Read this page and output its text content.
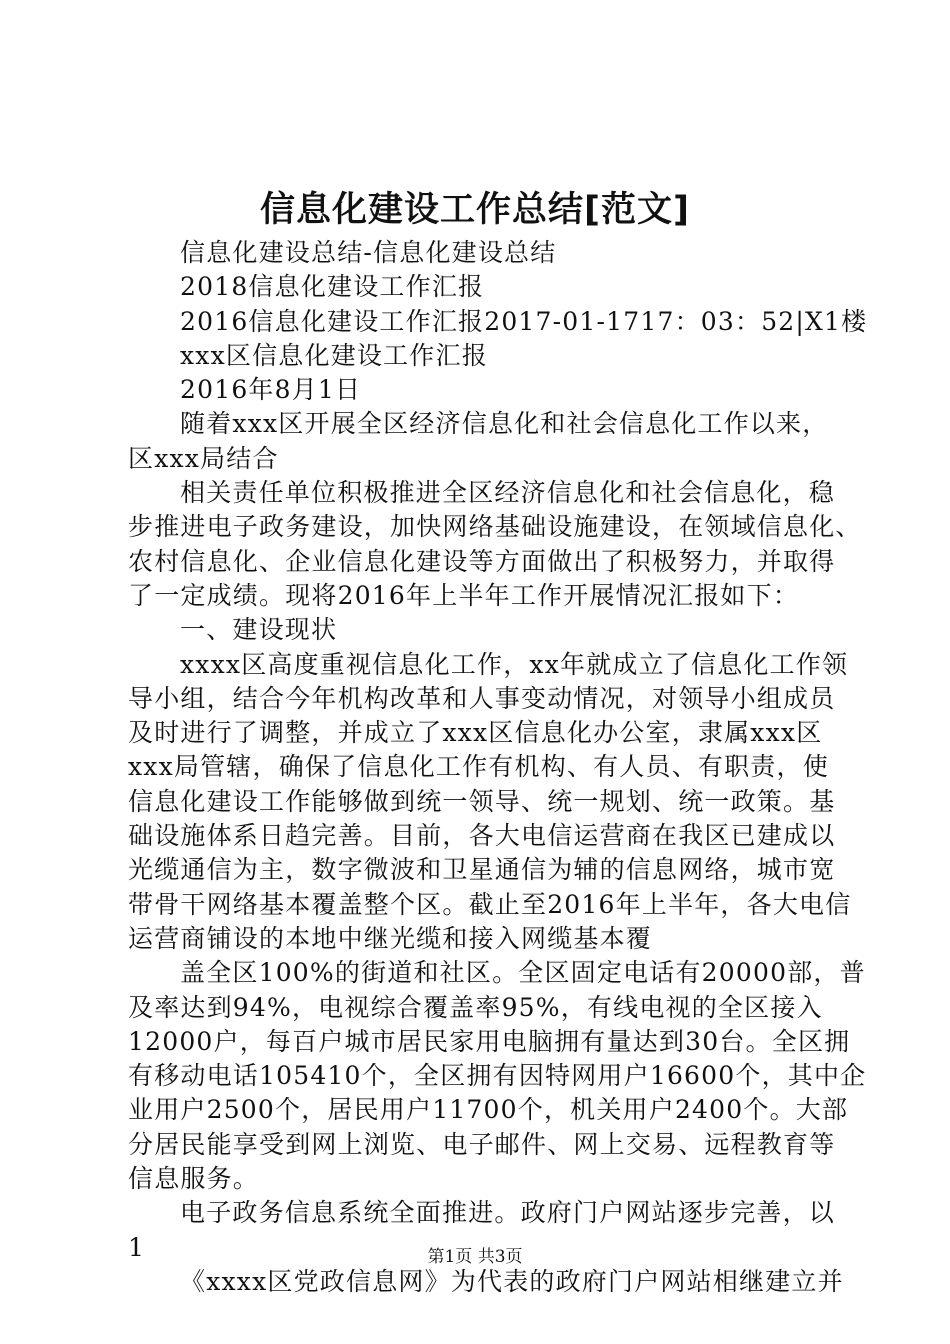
信息化建设工作总结[范文]
信息化建设总结-信息化建设总结
2018信息化建设工作汇报
2016信息化建设工作汇报2017-01-1717：03：52|X1楼
xxx区信息化建设工作汇报
2016年8月1日
随着xxx区开展全区经济信息化和社会信息化工作以来，
区xxx局结合
相关责任单位积极推进全区经济信息化和社会信息化，稳
步推进电子政务建设，加快网络基础设施建设，在领域信息化、
农村信息化、企业信息化建设等方面做出了积极努力，并取得
了一定成绩。现将2016年上半年工作开展情况汇报如下：
一、建设现状
xxxx区高度重视信息化工作，xx年就成立了信息化工作领
导小组，结合今年机构改革和人事变动情况，对领导小组成员
及时进行了调整，并成立了xxx区信息化办公室，隶属xxx区
xxx局管辖，确保了信息化工作有机构、有人员、有职责，使
信息化建设工作能够做到统一领导、统一规划、统一政策。基
础设施体系日趋完善。目前，各大电信运营商在我区已建成以
光缆通信为主，数字微波和卫星通信为辅的信息网络，城市宽
带骨干网络基本覆盖整个区。截止至2016年上半年，各大电信
运营商铺设的本地中继光缆和接入网缆基本覆
盖全区100%的街道和社区。全区固定电话有20000部，普
及率达到94%，电视综合覆盖率95%，有线电视的全区接入
12000户，每百户城市居民家用电脑拥有量达到30台。全区拥
有移动电话105410个，全区拥有因特网用户16600个，其中企
业用户2500个，居民用户11700个，机关用户2400个。大部
分居民能享受到网上浏览、电子邮件、网上交易、远程教育等
信息服务。
电子政务信息系统全面推进。政府门户网站逐步完善，以
1
《xxxx区党政信息网》为代表的政府门户网站相继建立并
第1页 共3页
